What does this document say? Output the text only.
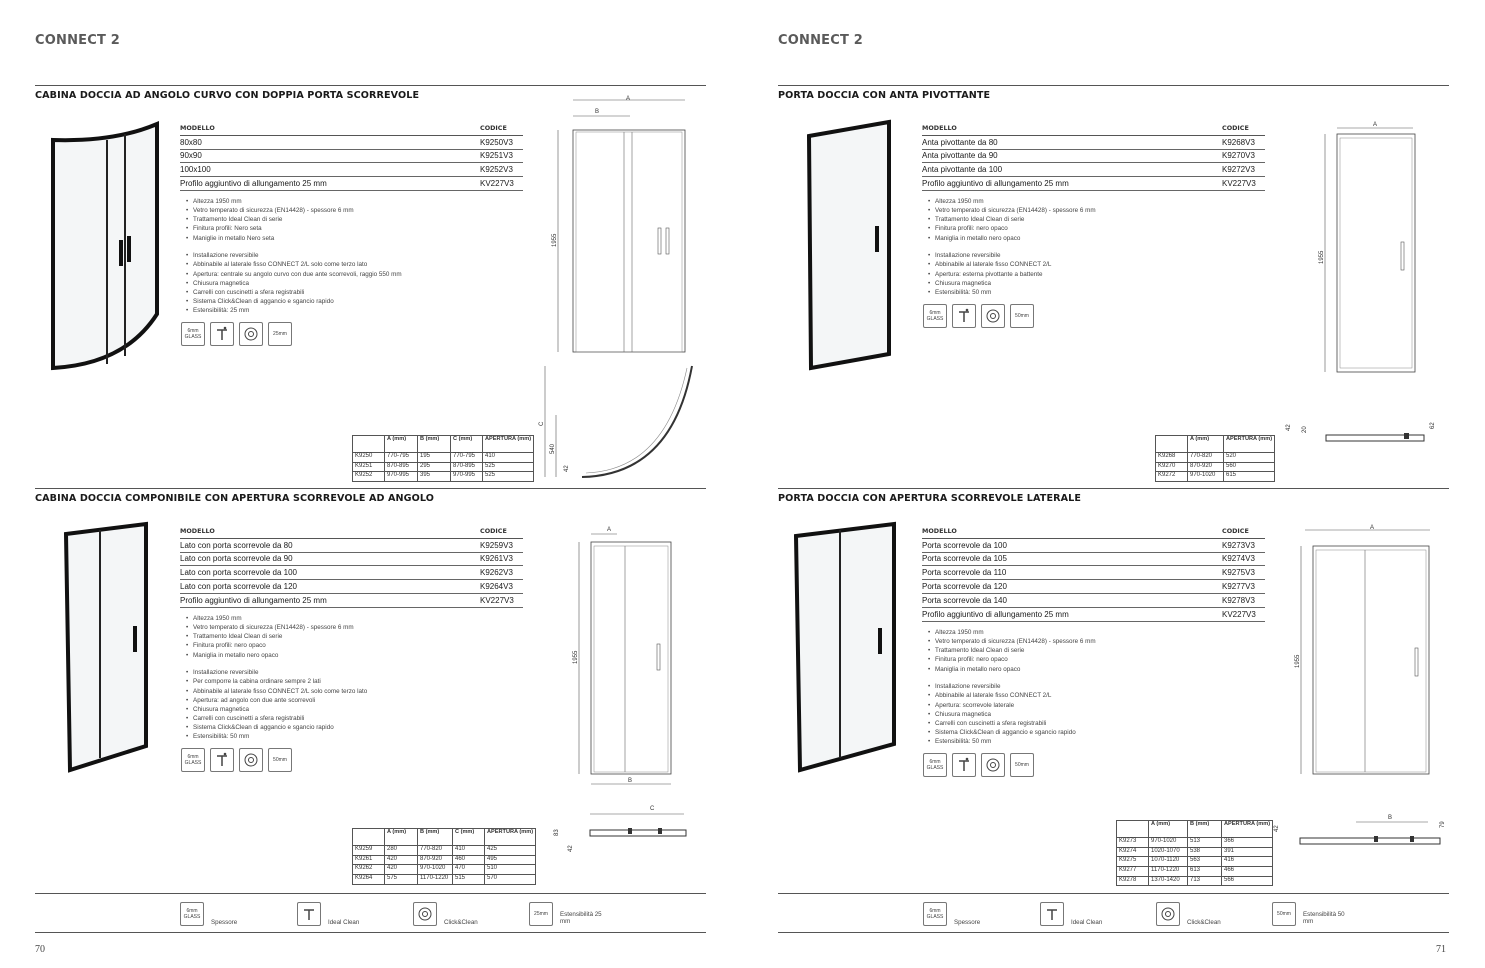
CONNECT 2
CABINA DOCCIA AD ANGOLO CURVO CON DOPPIA PORTA SCORREVOLE
MODELLO	CODICE
80x80	K9250V3
90x90	K9251V3
100x100	K9252V3
Profilo aggiuntivo di allungamento 25 mm	KV227V3
• Altezza 1950 mm
• Vetro temperato di sicurezza (EN14428) - spessore 6 mm
• Trattamento Ideal Clean di serie
• Finitura profili: Nero seta
• Maniglie in metallo Nero seta
• Installazione reversibile
• Abbinabile al laterale fisso CONNECT 2/L solo come terzo lato
• Apertura: centrale su angolo curvo con due ante scorrevoli, raggio 550 mm
• Chiusura magnetica
• Carrelli con cuscinetti a sfera registrabili
• Sistema Click&Clean di aggancio e sgancio rapido
• Estensibilità: 25 mm
6mm GLASS	25mm
A
B
1955
C
540
42
	A (mm)	B (mm)	C (mm)	APERTURA (mm)
K9250	770-795	195	770-795	410
K9251	870-895	295	870-895	525
K9252	970-995	395	970-995	525
CABINA DOCCIA COMPONIBILE CON APERTURA SCORREVOLE AD ANGOLO
MODELLO	CODICE
Lato con porta scorrevole da 80	K9259V3
Lato con porta scorrevole da 90	K9261V3
Lato con porta scorrevole da 100	K9262V3
Lato con porta scorrevole da 120	K9264V3
Profilo aggiuntivo di allungamento 25 mm	KV227V3
• Altezza 1950 mm
• Vetro temperato di sicurezza (EN14428) - spessore 6 mm
• Trattamento Ideal Clean di serie
• Finitura profili: nero opaco
• Maniglia in metallo nero opaco
• Installazione reversibile
• Per comporre la cabina ordinare sempre 2 lati
• Abbinabile al laterale fisso CONNECT 2/L solo come terzo lato
• Apertura: ad angolo con due ante scorrevoli
• Chiusura magnetica
• Carrelli con cuscinetti a sfera registrabili
• Sistema Click&Clean di aggancio e sgancio rapido
• Estensibilità: 50 mm
6mm GLASS	50mm
A
1955
B
C
83
42
	A (mm)	B (mm)	C (mm)	APERTURA (mm)
K9259	280	770-820	410	425
K9261	420	870-920	460	495
K9262	420	970-1020	470	510
K9264	575	1170-1220	515	570
6mm GLASS
Spessore	Ideal Clean	Click&Clean
25mm	Estensibilità 25 mm
70
CONNECT 2
PORTA DOCCIA CON ANTA PIVOTTANTE
MODELLO	CODICE
Anta pivottante da 80	K9268V3
Anta pivottante da 90	K9270V3
Anta pivottante da 100	K9272V3
Profilo aggiuntivo di allungamento 25 mm	KV227V3
• Altezza 1950 mm
• Vetro temperato di sicurezza (EN14428) - spessore 6 mm
• Trattamento Ideal Clean di serie
• Finitura profili: nero opaco
• Maniglia in metallo nero opaco
• Installazione reversibile
• Abbinabile al laterale fisso CONNECT 2/L
• Apertura: esterna pivottante a battente
• Chiusura magnetica
• Estensibilità: 50 mm
6mm GLASS	50mm
A
1955
42 20
62
	A (mm)	APERTURA (mm)
K9268	770-820	520
K9270	870-920	560
K9272	970-1020	615
PORTA DOCCIA CON APERTURA SCORREVOLE LATERALE
MODELLO	CODICE
Porta scorrevole da 100	K9273V3
Porta scorrevole da 105	K9274V3
Porta scorrevole da 110	K9275V3
Porta scorrevole da 120	K9277V3
Porta scorrevole da 140	K9278V3
Profilo aggiuntivo di allungamento 25 mm	KV227V3
• Altezza 1950 mm
• Vetro temperato di sicurezza (EN14428) - spessore 6 mm
• Trattamento Ideal Clean di serie
• Finitura profili: nero opaco
• Maniglia in metallo nero opaco
• Installazione reversibile
• Abbinabile al laterale fisso CONNECT 2/L
• Apertura: scorrevole laterale
• Chiusura magnetica
• Carrelli con cuscinetti a sfera registrabili
• Sistema Click&Clean di aggancio e sgancio rapido
• Estensibilità: 50 mm
6mm GLASS	50mm
A
1955
B
42
79
	A (mm)	B (mm)	APERTURA (mm)
K9273	970-1020	513	366
K9274	1020-1070	538	391
K9275	1070-1120	563	416
K9277	1170-1220	613	466
K9278	1370-1420	713	566
6mm GLASS
Spessore	Ideal Clean	Click&Clean
50mm	Estensibilità 50 mm
71
